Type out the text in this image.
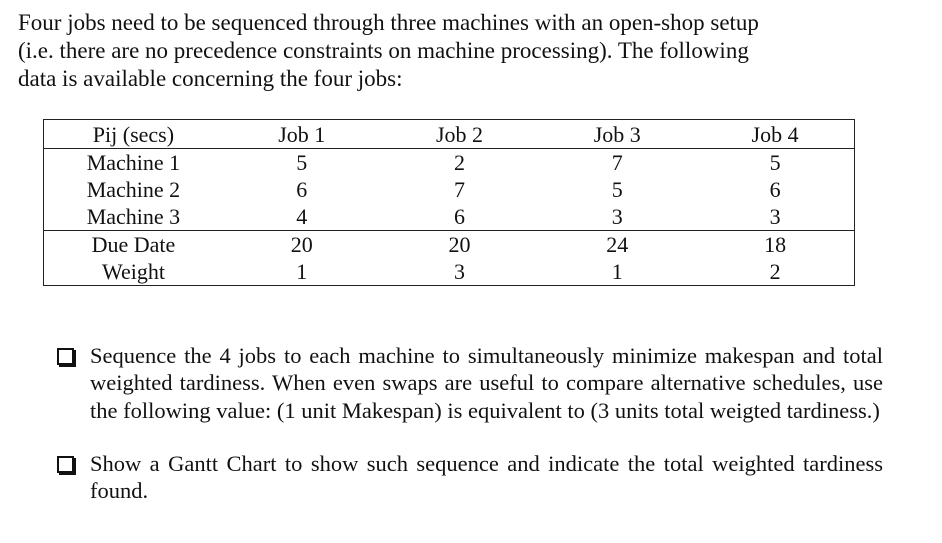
Four jobs need to be sequenced through three machines with an open-shop setup
(i.e. there are no precedence constraints on machine processing). The following
data is available concerning the four jobs:

Pij (secs)	Job 1	Job 2	Job 3	Job 4
Machine 1	5	2	7	5
Machine 2	6	7	5	6
Machine 3	4	6	3	3
Due Date	20	20	24	18
Weight	1	3	1	2
Sequence the 4 jobs to each machine to simultaneously minimize makespan and total weighted tardiness. When even swaps are useful to compare alternative schedules, use the following value: (1 unit Makespan) is equivalent to (3 units total weigted tardiness.)
Show a Gantt Chart to show such sequence and indicate the total weighted tardiness found.
